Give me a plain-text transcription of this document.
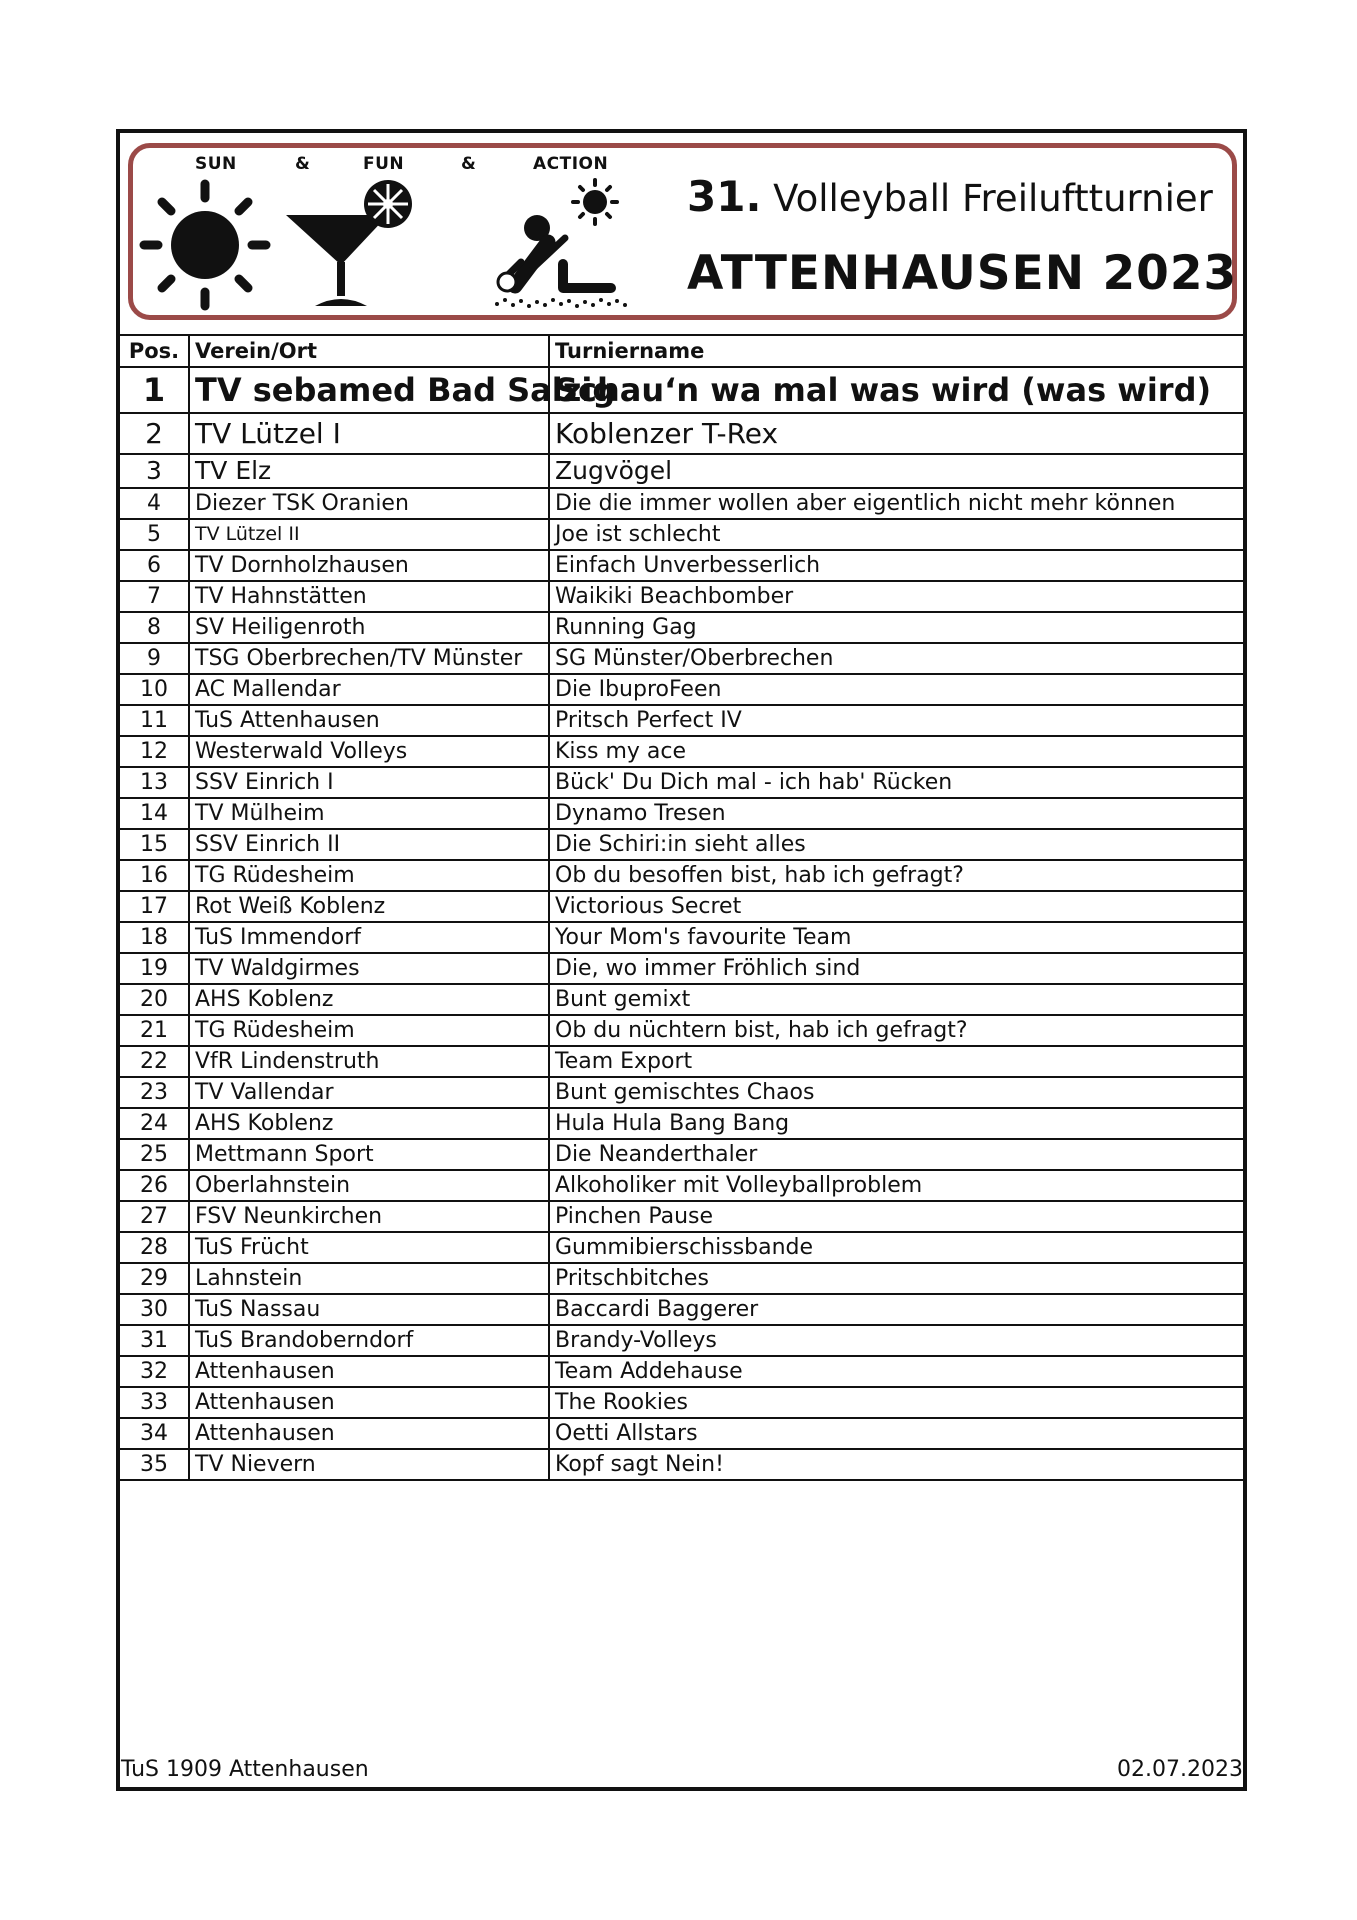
SUN	&	FUN	&	ACTION
31. Volleyball Freiluftturnier
ATTENHAUSEN 2023
Pos.	Verein/Ort	Turniername
1	TV sebamed Bad Salzig	Schau‘n wa mal was wird (was wird)
2	TV Lützel I	Koblenzer T-Rex
3	TV Elz	Zugvögel
4	Diezer TSK Oranien	Die die immer wollen aber eigentlich nicht mehr können
5	TV Lützel II	Joe ist schlecht
6	TV Dornholzhausen	Einfach Unverbesserlich
7	TV Hahnstätten	Waikiki Beachbomber
8	SV Heiligenroth	Running Gag
9	TSG Oberbrechen/TV Münster	SG Münster/Oberbrechen
10	AC Mallendar	Die IbuproFeen
11	TuS Attenhausen	Pritsch Perfect IV
12	Westerwald Volleys	Kiss my ace
13	SSV Einrich I	Bück' Du Dich mal - ich hab' Rücken
14	TV Mülheim	Dynamo Tresen
15	SSV Einrich II	Die Schiri:in sieht alles
16	TG Rüdesheim	Ob du besoffen bist, hab ich gefragt?
17	Rot Weiß Koblenz	Victorious Secret
18	TuS Immendorf	Your Mom's favourite Team
19	TV Waldgirmes	Die, wo immer Fröhlich sind
20	AHS Koblenz	Bunt gemixt
21	TG Rüdesheim	Ob du nüchtern bist, hab ich gefragt?
22	VfR Lindenstruth	Team Export
23	TV Vallendar	Bunt gemischtes Chaos
24	AHS Koblenz	Hula Hula Bang Bang
25	Mettmann Sport	Die Neanderthaler
26	Oberlahnstein	Alkoholiker mit Volleyballproblem
27	FSV Neunkirchen	Pinchen Pause
28	TuS Frücht	Gummibierschissbande
29	Lahnstein	Pritschbitches
30	TuS Nassau	Baccardi Baggerer
31	TuS Brandoberndorf	Brandy-Volleys
32	Attenhausen	Team Addehause
33	Attenhausen	The Rookies
34	Attenhausen	Oetti Allstars
35	TV Nievern	Kopf sagt Nein!
TuS 1909 Attenhausen	02.07.2023
